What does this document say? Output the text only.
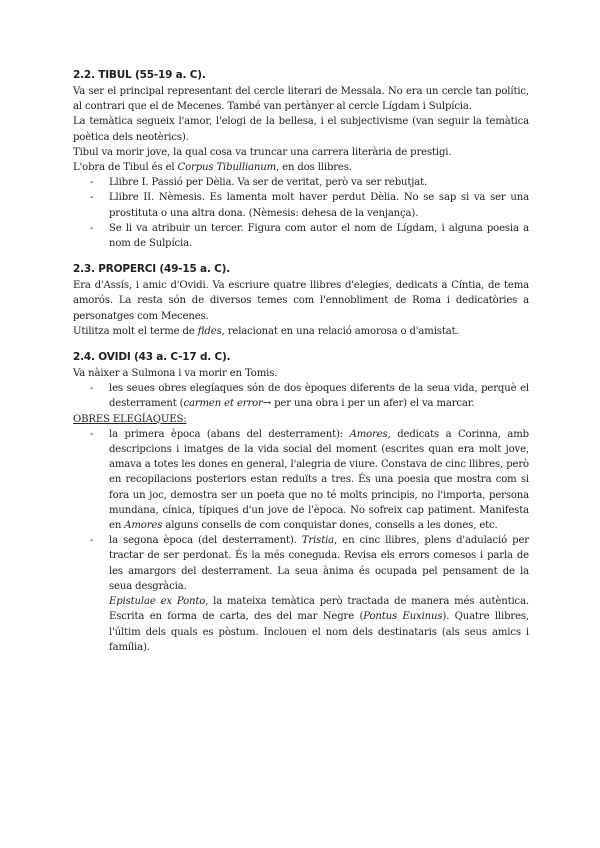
2.2. TIBUL (55-19 a. C).

Va ser el principal representant del cercle literari de Messala. No era un cercle tan polític, al contrari que el de Mecenes. També van pertànyer al cercle Lígdam i Sulpícia.

La temàtica segueix l'amor, l'elogi de la bellesa, i el subjectivisme (van seguir la temàtica poètica dels neotèrics).

Tibul va morir jove, la qual cosa va truncar una carrera literària de prestigi.

L'obra de Tibul és el Corpus Tibullianum, en dos llibres.

- Llibre I. Passió per Dèlia. Va ser de veritat, però va ser rebutjat.
- Llibre II. Nèmesis. Es lamenta molt haver perdut Dèlia. No se sap si va ser una prostituta o una altra dona. (Nèmesis: dehesa de la venjança).
- Se li va atribuir un tercer. Figura com autor el nom de Lígdam, i alguna poesia a nom de Sulpícia.
2.3. PROPERCI (49-15 a. C).

Era d'Assís, i amic d'Ovidi. Va escriure quatre llibres d'elegies, dedicats a Cíntia, de tema amorós. La resta són de diversos temes com l'ennobliment de Roma i dedicatòries a personatges com Mecenes.

Utilitza molt el terme de fides, relacionat en una relació amorosa o d'amistat.

2.4. OVIDI (43 a. C-17 d. C).

Va nàixer a Sulmona i va morir en Tomis.

- les seues obres elegíaques són de dos èpoques diferents de la seua vida, perquè el desterrament (carmen et error→ per una obra i per un afer) el va marcar.

OBRES ELEGÍAQUES:

- la primera època (abans del desterrament): Amores, dedicats a Corinna, amb descripcions i imatges de la vida social del moment (escrites quan era molt jove, amava a totes les dones en general, l'alegria de viure. Constava de cinc llibres, però en recopilacions posteriors estan reduïts a tres. És una poesia que mostra com si fora un joc, demostra ser un poeta que no té molts principis, no l'importa, persona mundana, cínica, típiques d'un jove de l'època. No sofreix cap patiment. Manifesta en Amores alguns consells de com conquistar dones, consells a les dones, etc.
- la segona època (del desterrament). Tristia, en cinc llibres, plens d'adulació per tractar de ser perdonat. És la més coneguda. Revisa els errors comesos i parla de les amargors del desterrament. La seua ànima és ocupada pel pensament de la seua desgràcia.

Epistulae ex Ponto, la mateixa temàtica però tractada de manera més autèntica. Escrita en forma de carta, des del mar Negre (Pontus Euxinus). Quatre llibres, l'últim dels quals es pòstum. Inclouen el nom dels destinataris (als seus amics i família).
